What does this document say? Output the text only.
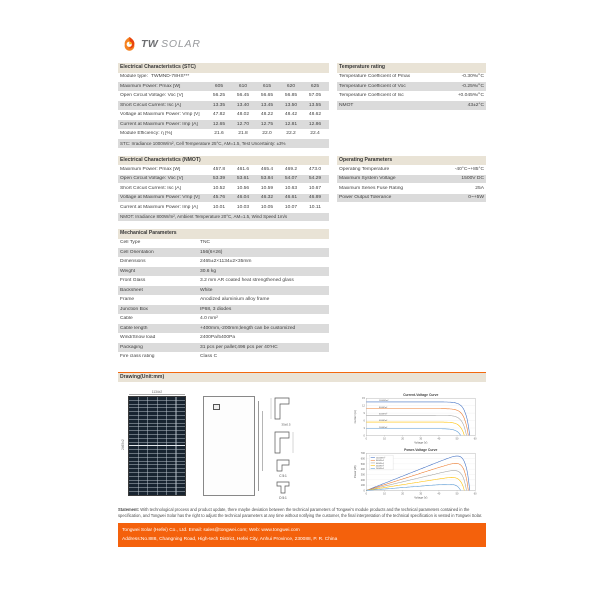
TW SOLAR
Electrical Characteristics (STC)
Module type: TWMND-78HS***
Maximum Power: Pmax [W]	605	610	615	620	625
Open Circuit Voltage: Voc [V]	56.25	56.45	56.65	56.85	57.05
Short Circuit Current: Isc [A]	13.35	13.40	13.45	13.50	13.55
Voltage at Maximum Power: Vmp [V]	47.82	48.02	48.22	48.42	48.62
Current at Maximum Power: Imp [A]	12.65	12.70	12.75	12.81	12.86
Module Efficiency: η [%]	21.6	21.8	22.0	22.2	22.4
STC: Irradiance 1000W/m², Cell Temperature 25°C, AM=1.5, Test Uncertainty: ±3%
Electrical Characteristics (NMOT)
Maximum Power: Pmax [W]	457.8	461.6	465.4	469.2	473.0
Open Circuit Voltage: Voc [V]	53.39	53.61	53.84	54.07	54.29
Short Circuit Current: Isc [A]	10.52	10.56	10.59	10.63	10.67
Voltage at Maximum Power: Vmp [V]	45.76	46.04	46.32	46.61	46.89
Current at Maximum Power: Imp [A]	10.01	10.03	10.05	10.07	10.11
NMOT: Irradiance 800W/m², Ambient Temperature 20°C, AM=1.5, Wind Speed 1m/s
Mechanical Parameters
Cell Type	TNC
Cell Orientation	156(6×26)
Dimensions	2465±2×1134±2×35mm
Weight	30.6 kg
Front Glass	3.2 mm AR coated heat strengthened glass
Backsheet	White
Frame	Anodized aluminium alloy frame
Junction Box	IP68, 3 diodes
Cable	4.0 mm²
Cable length	+400mm,-200mm;length can be customized
Wind/Snow load	2400Pa/5400Pa
Packaging	31 pcs per pallet;496 pcs per 40'HC
Fire class rating	Class C
Temperature rating
Temperature Coefficient of Pmax	-0.30%/°C
Temperature Coefficient of Voc	-0.25%/°C
Temperature Coefficient of Isc	+0.045%/°C
NMOT	43±2°C
Operating Parameters
Operating Temperature	-40°C~+85°C
Maximum System Voltage	1500V DC
Maximum Series Fuse Rating	25A
Power Output Tolerance	0~+5W
Drawing(Unit:mm)
1134±2
2465±2
35±0.5
C 5:1
D 5:1
Current-Voltage Curve
0
3
6
9
12
15
0	10	20	30	40	50	60
Voltage (V)
Current (A)
1000W/m²
800W/m²
600W/m²
400W/m²
200W/m²
Power-Voltage Curve
0
100
200
300
400
500
600
700
0	10	20	30	40	50	60
Voltage (V)
Power (W)
1000W/m²
800W/m²
600W/m²
400W/m²
200W/m²

Statement: With technological process and product update, there maybe deviation between the technical parameters of Tongwei's module products and the technical parameters contained in the specification, and Tongwei Solar has the right to adjust the technical parameters at any time without notifying the customer, the final interpretation of the technical specification is vested in Tongwei Solar.

Tongwei Solar (Hefei) Co., Ltd. Email: sales@tongwei.com; Web: www.tongwei.com
Address:No.888, Changning Road, High-tech District, Hefei City, Anhui Province, 230088, P. R. China
